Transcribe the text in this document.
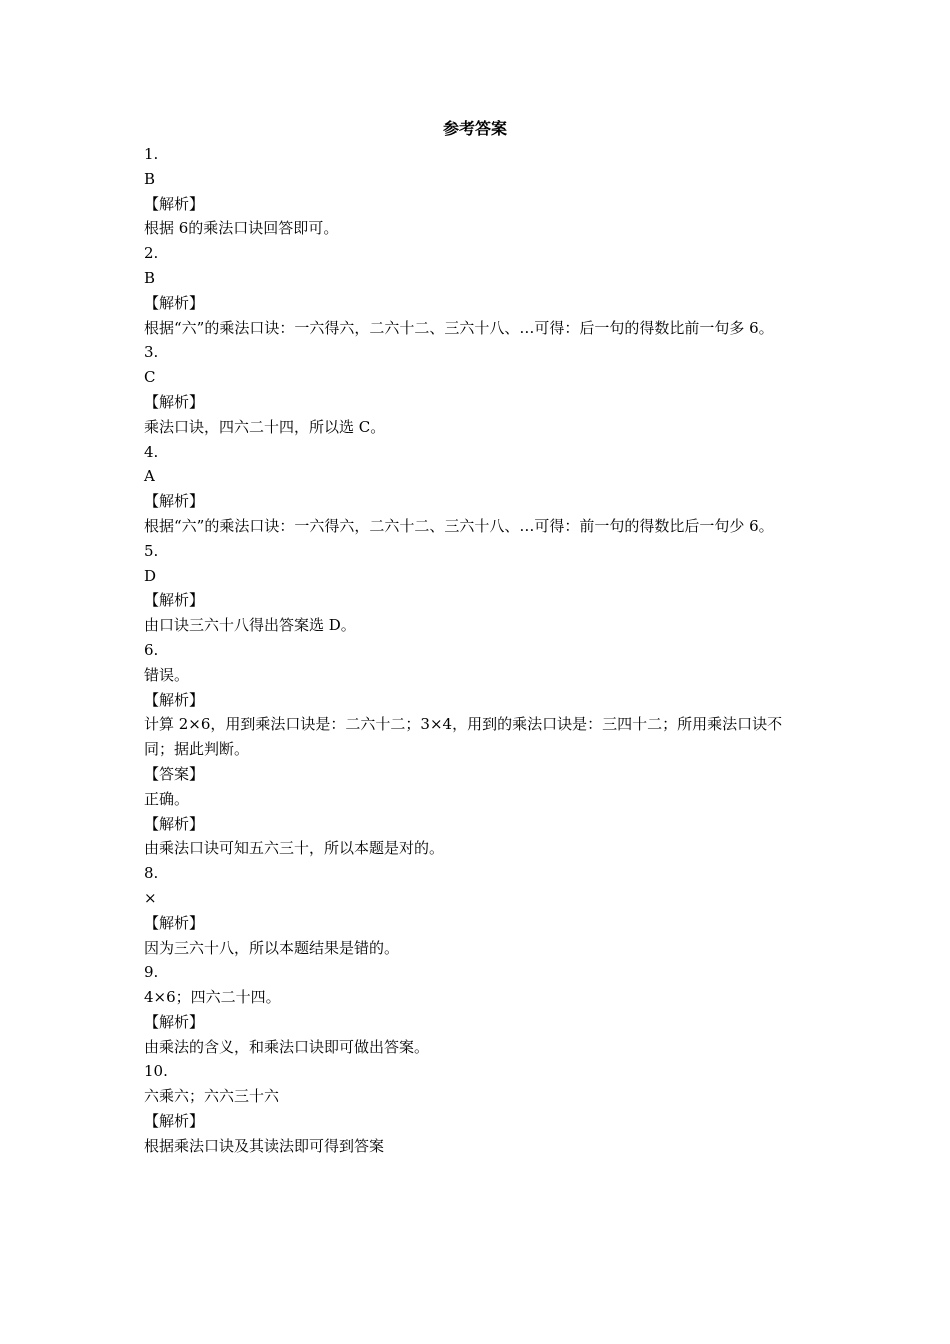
参考答案

1.

B

【解析】

根据 6的乘法口诀回答即可。

2.

B

【解析】

根据“六”的乘法口诀：一六得六，二六十二、三六十八、…可得：后一句的得数比前一句多 6。

3.

C

【解析】

乘法口诀，四六二十四，所以选 C。

4.

A

【解析】

根据“六”的乘法口诀：一六得六，二六十二、三六十八、…可得：前一句的得数比后一句少 6。

5.

D

【解析】

由口诀三六十八得出答案选 D。

6.

错误。

【解析】

计算 2×6，用到乘法口诀是：二六十二；3×4，用到的乘法口诀是：三四十二；所用乘法口诀不同；据此判断。

【答案】

正确。

【解析】

由乘法口诀可知五六三十，所以本题是对的。

8.

×

【解析】

因为三六十八，所以本题结果是错的。

9.

4×6；四六二十四。

【解析】

由乘法的含义，和乘法口诀即可做出答案。

10.

六乘六；六六三十六

【解析】

根据乘法口诀及其读法即可得到答案
